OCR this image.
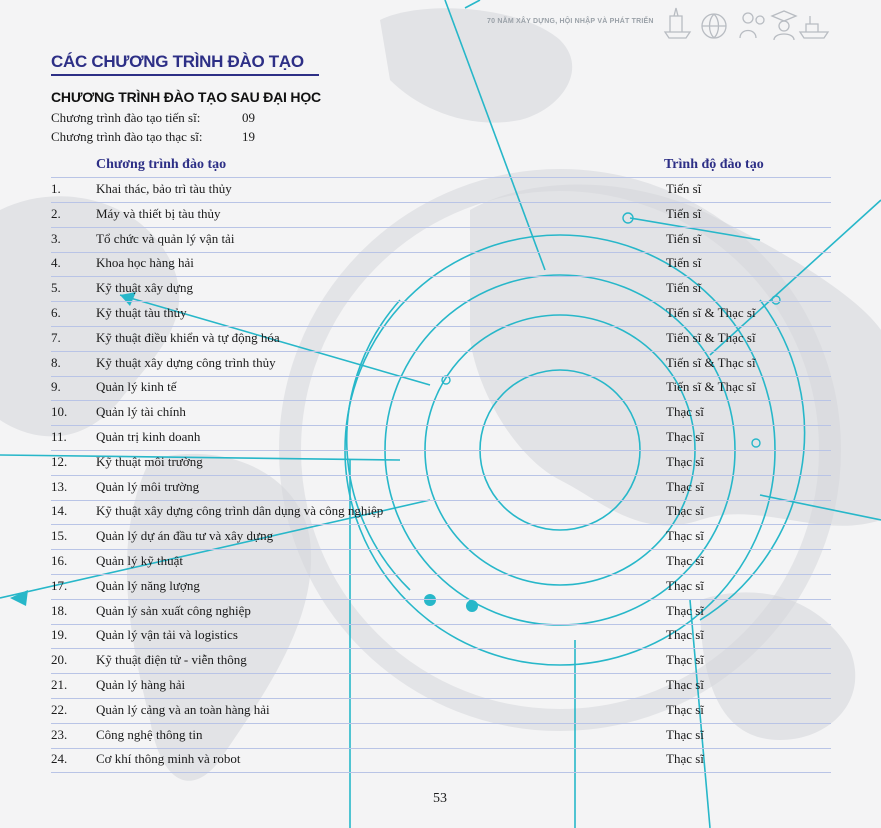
70 NĂM XÂY DỰNG, HỘI NHẬP VÀ PHÁT TRIỂN
CÁC CHƯƠNG TRÌNH ĐÀO TẠO
CHƯƠNG TRÌNH ĐÀO TẠO SAU ĐẠI HỌC
Chương trình đào tạo tiến sĩ:	09
Chương trình đào tạo thạc sĩ:	19
Chương trình đào tạo	Trình độ đào tạo
1.	Khai thác, bảo trì tàu thủy	Tiến sĩ
2.	Máy và thiết bị tàu thủy	Tiến sĩ
3.	Tổ chức và quản lý vận tải	Tiến sĩ
4.	Khoa học hàng hải	Tiến sĩ
5.	Kỹ thuật xây dựng	Tiến sĩ
6.	Kỹ thuật tàu thủy	Tiến sĩ & Thạc sĩ
7.	Kỹ thuật điều khiển và tự động hóa	Tiến sĩ & Thạc sĩ
8.	Kỹ thuật xây dựng công trình thủy	Tiến sĩ & Thạc sĩ
9.	Quản lý kinh tế	Tiến sĩ & Thạc sĩ
10. Quản lý tài chính	Thạc sĩ
11. Quản trị kinh doanh	Thạc sĩ
12. Kỹ thuật môi trường	Thạc sĩ
13. Quản lý môi trường	Thạc sĩ
14. Kỹ thuật xây dựng công trình dân dụng và công nghiệp	Thạc sĩ
15. Quản lý dự án đầu tư và xây dựng	Thạc sĩ
16. Quản lý kỹ thuật	Thạc sĩ
17. Quản lý năng lượng	Thạc sĩ
18. Quản lý sản xuất công nghiệp	Thạc sĩ
19. Quản lý vận tải và logistics	Thạc sĩ
20. Kỹ thuật điện tử - viễn thông	Thạc sĩ
21. Quản lý hàng hải	Thạc sĩ
22. Quản lý cảng và an toàn hàng hải	Thạc sĩ
23. Công nghệ thông tin	Thạc sĩ
24. Cơ khí thông minh và robot	Thạc sĩ
53
